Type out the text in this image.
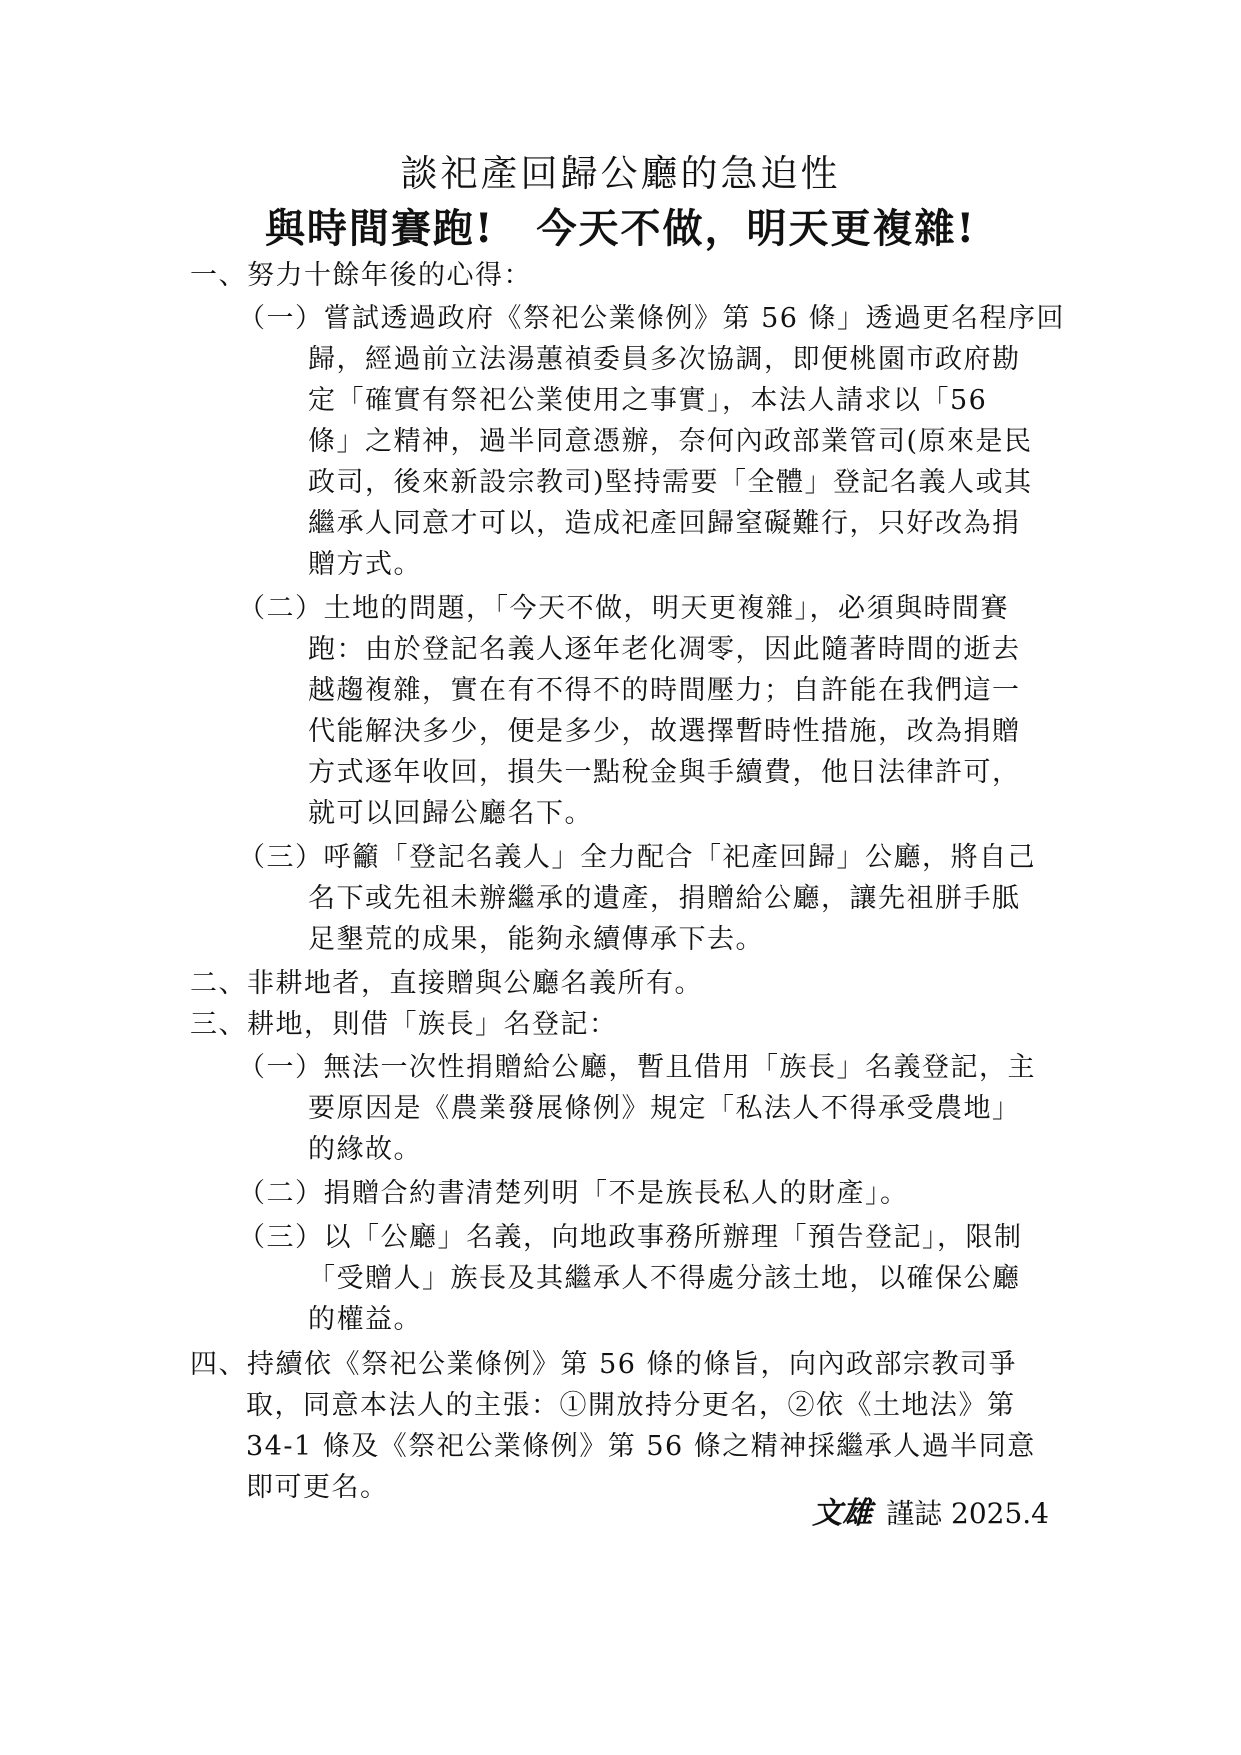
談祀產回歸公廳的急迫性
與時間賽跑!　今天不做，明天更複雜!
一、努力十餘年後的心得：
（一）嘗試透過政府《祭祀公業條例》第 56 條」透過更名程序回
歸，經過前立法湯蕙禎委員多次協調，即便桃園市政府勘
定「確實有祭祀公業使用之事實」，本法人請求以「56
條」之精神，過半同意憑辦，奈何內政部業管司(原來是民
政司，後來新設宗教司)堅持需要「全體」登記名義人或其
繼承人同意才可以，造成祀產回歸窒礙難行，只好改為捐
贈方式。
（二）土地的問題，「今天不做，明天更複雜」，必須與時間賽
跑：由於登記名義人逐年老化凋零，因此隨著時間的逝去
越趨複雜，實在有不得不的時間壓力；自許能在我們這一
代能解決多少，便是多少，故選擇暫時性措施，改為捐贈
方式逐年收回，損失一點稅金與手續費，他日法律許可，
就可以回歸公廳名下。
（三）呼籲「登記名義人」全力配合「祀產回歸」公廳，將自己
名下或先祖未辦繼承的遺產，捐贈給公廳，讓先祖胼手胝
足墾荒的成果，能夠永續傳承下去。
二、非耕地者，直接贈與公廳名義所有。
三、耕地，則借「族長」名登記：
（一）無法一次性捐贈給公廳，暫且借用「族長」名義登記，主
要原因是《農業發展條例》規定「私法人不得承受農地」
的緣故。
（二）捐贈合約書清楚列明「不是族長私人的財產」。
（三）以「公廳」名義，向地政事務所辦理「預告登記」，限制
「受贈人」族長及其繼承人不得處分該土地，以確保公廳
的權益。
四、持續依《祭祀公業條例》第 56 條的條旨，向內政部宗教司爭
取，同意本法人的主張：①開放持分更名，②依《土地法》第
34-1 條及《祭祀公業條例》第 56 條之精神採繼承人過半同意
即可更名。
文雄 謹誌 2025.4
